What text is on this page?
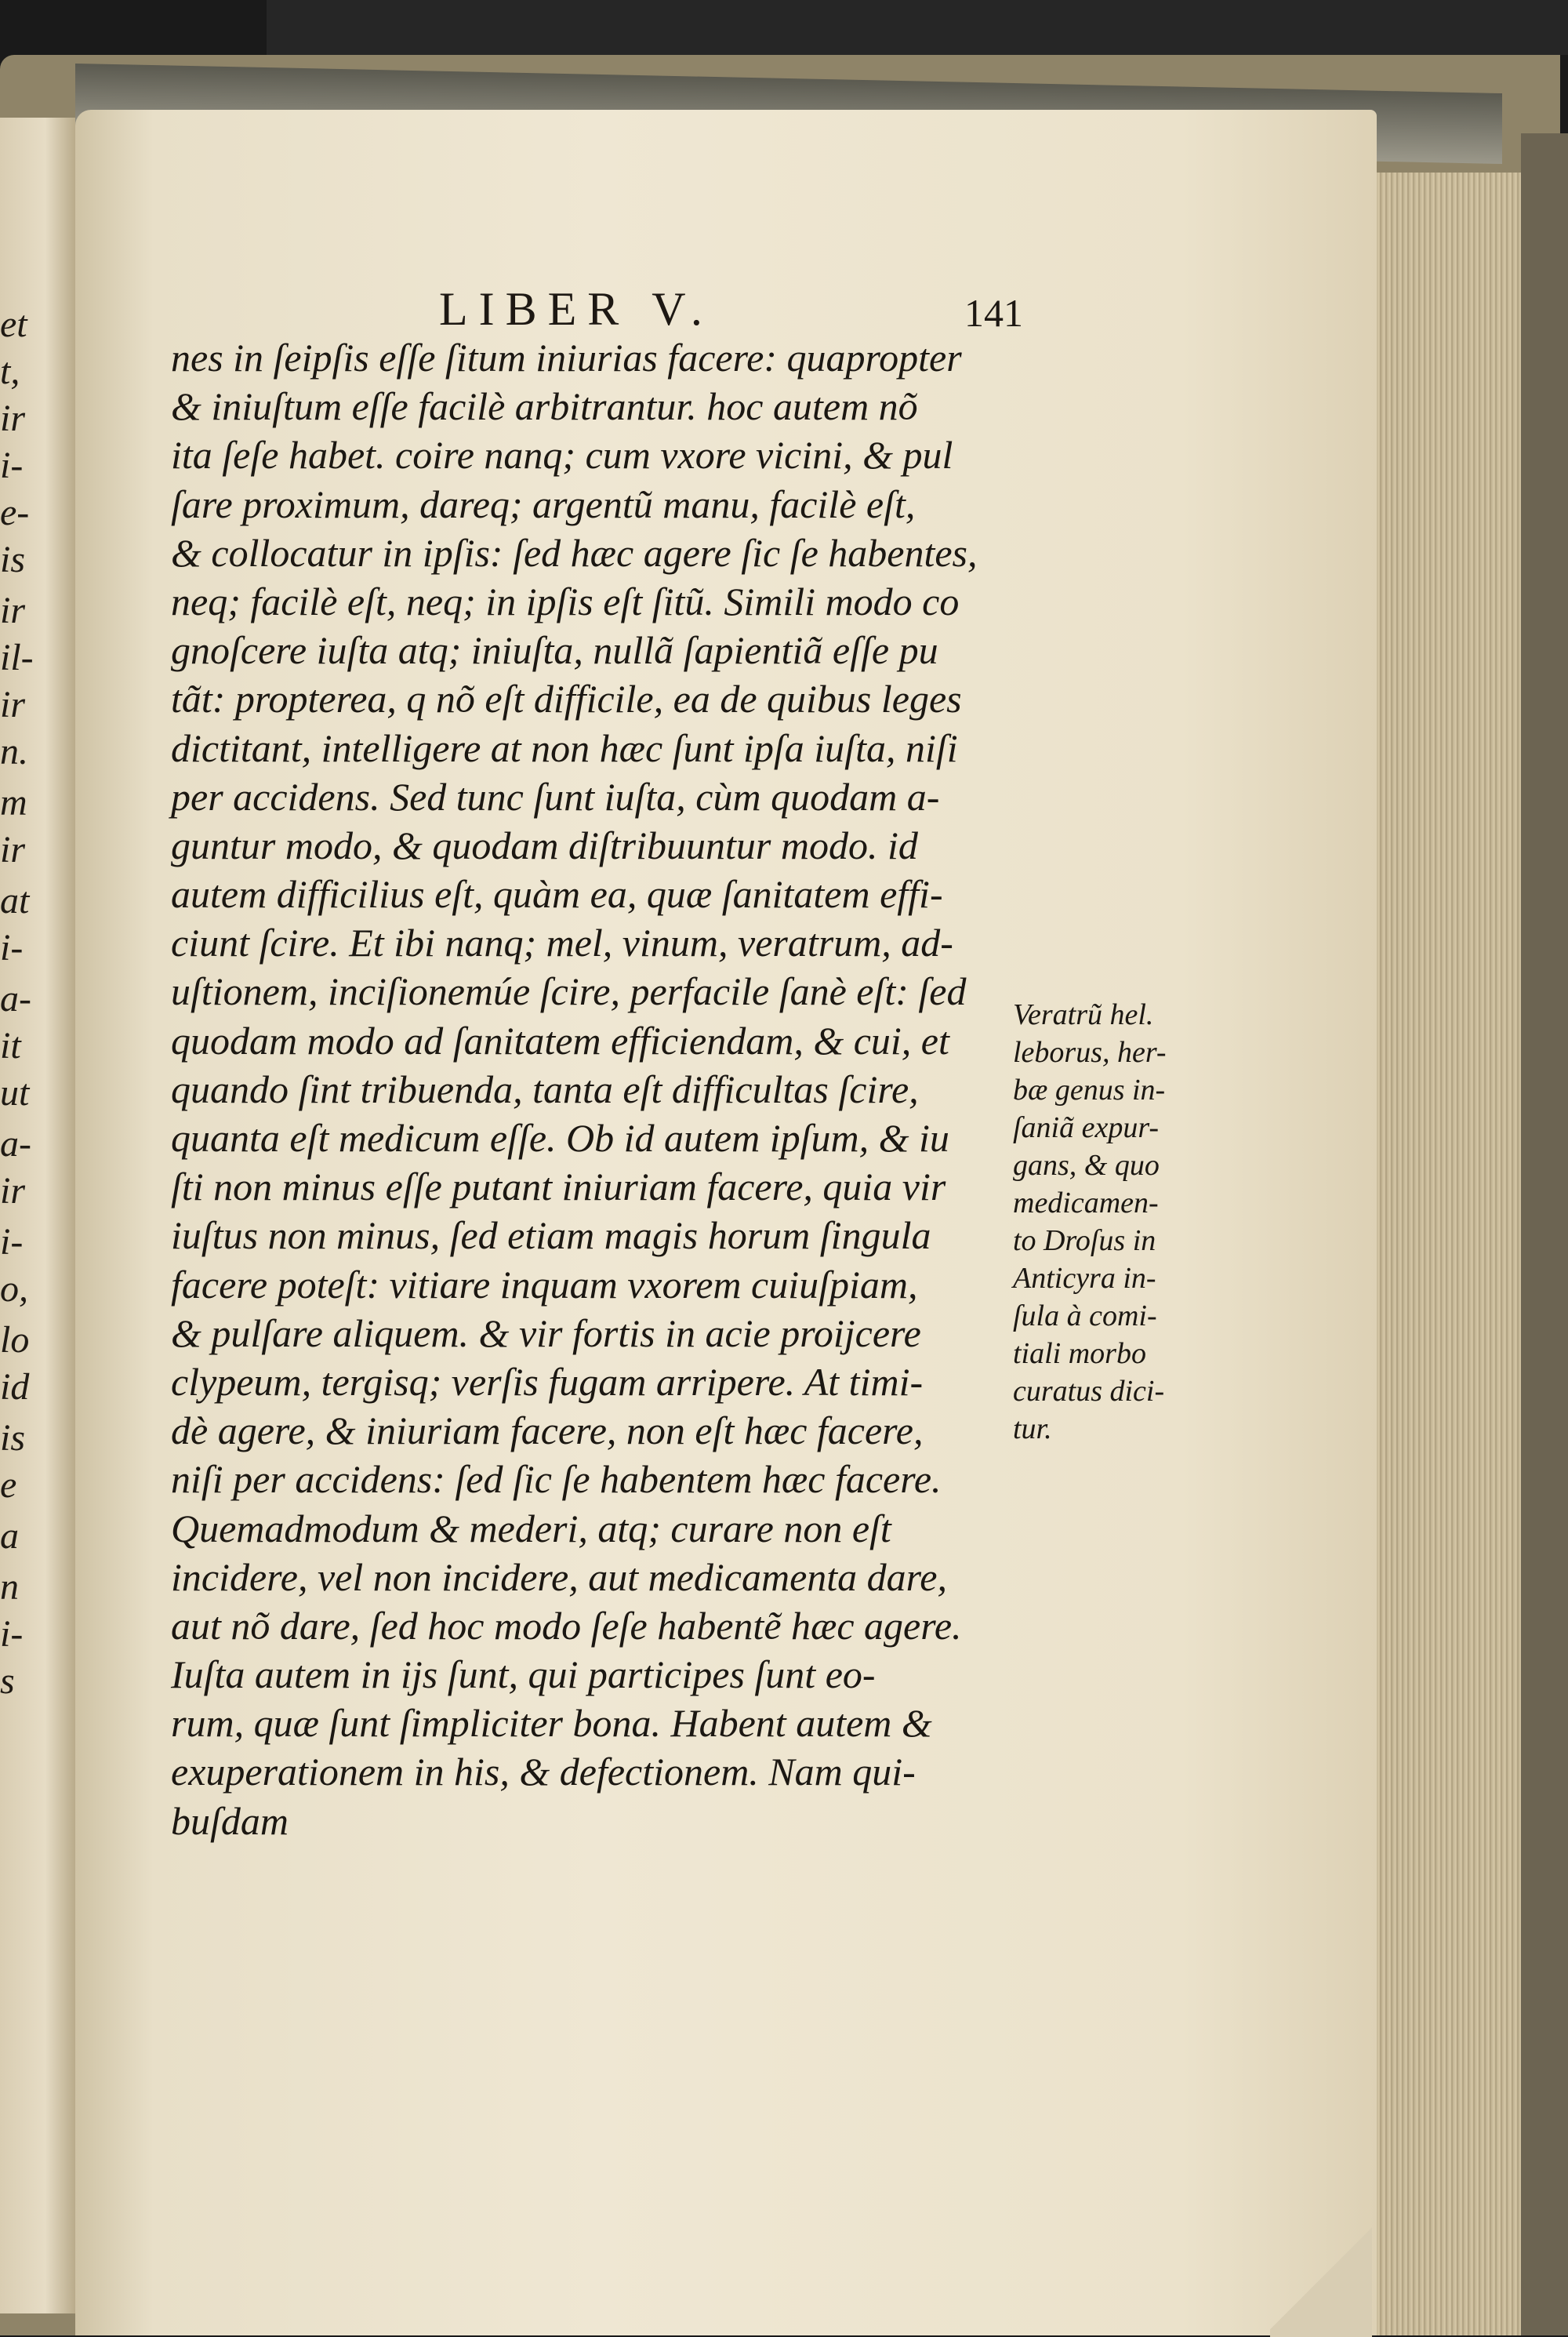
et
t,
ir
i-
e-
is
ir
il-
ir
n.
m
ir
at
i-
a-
it
ut
a-
ir
i-
o,
lo
id
is
e
a
n
i-
s
LIBER V.	141
nes in ſeipſis eſſe ſitum iniurias facere: quapropter
& iniuſtum eſſe facilè arbitrantur. hoc autem nõ
ita ſeſe habet. coire nanq; cum vxore vicini, & pul
ſare proximum, dareq; argentũ manu, facilè eſt,
& collocatur in ipſis: ſed hæc agere ſic ſe habentes,
neq; facilè eſt, neq; in ipſis eſt ſitũ. Simili modo co
gnoſcere iuſta atq; iniuſta, nullã ſapientiã eſſe pu
tãt: propterea, q nõ eſt difficile, ea de quibus leges
dictitant, intelligere at non hæc ſunt ipſa iuſta, niſi
per accidens. Sed tunc ſunt iuſta, cùm quodam a-
guntur modo, & quodam diſtribuuntur modo. id
autem difficilius eſt, quàm ea, quæ ſanitatem effi-
ciunt ſcire. Et ibi nanq; mel, vinum, veratrum, ad-
uſtionem, inciſionemúe ſcire, perfacile ſanè eſt: ſed
quodam modo ad ſanitatem efficiendam, & cui, et
quando ſint tribuenda, tanta eſt difficultas ſcire,
quanta eſt medicum eſſe. Ob id autem ipſum, & iu
ſti non minus eſſe putant iniuriam facere, quia vir
iuſtus non minus, ſed etiam magis horum ſingula
facere poteſt: vitiare inquam vxorem cuiuſpiam,
& pulſare aliquem. & vir fortis in acie proijcere
clypeum, tergisq; verſis fugam arripere. At timi-
dè agere, & iniuriam facere, non eſt hæc facere,
niſi per accidens: ſed ſic ſe habentem hæc facere.
Quemadmodum & mederi, atq; curare non eſt
incidere, vel non incidere, aut medicamenta dare,
aut nõ dare, ſed hoc modo ſeſe habentẽ hæc agere.
Iuſta autem in ijs ſunt, qui participes ſunt eo-
rum, quæ ſunt ſimpliciter bona. Habent autem &
exuperationem in his, & defectionem. Nam qui-
buſdam
Veratrũ hel.
leborus, her-
bæ genus in-
ſaniã expur-
gans, & quo
medicamen-
to Droſus in
Anticyra in-
ſula à comi-
tiali morbo
curatus dici-
tur.
